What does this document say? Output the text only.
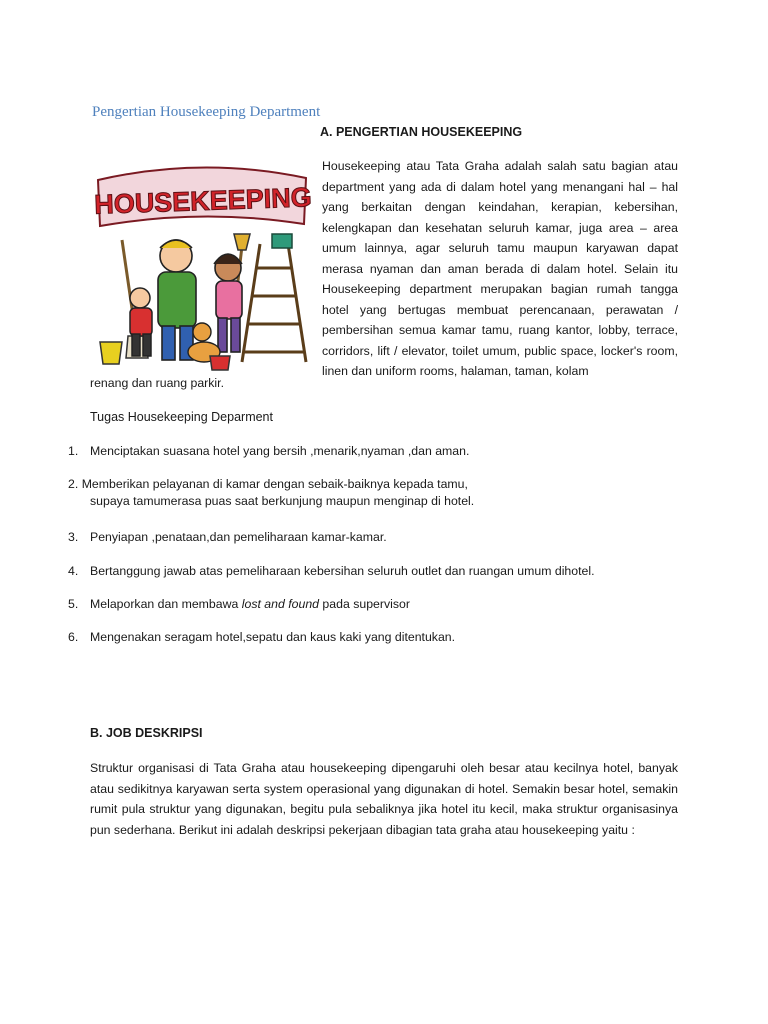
Pengertian Housekeeping Department
A. PENGERTIAN HOUSEKEEPING
HOUSEKEEPING
Housekeeping atau Tata Graha adalah salah satu bagian atau department yang ada di dalam hotel yang menangani hal – hal yang berkaitan dengan keindahan, kerapian, kebersihan, kelengkapan dan kesehatan seluruh kamar, juga area – area umum lainnya, agar seluruh tamu maupun karyawan dapat merasa nyaman dan aman berada di dalam hotel. Selain itu Housekeeping department merupakan bagian rumah tangga hotel yang bertugas membuat perencanaan, perawatan / pembersihan semua kamar tamu, ruang kantor, lobby, terrace, corridors, lift / elevator, toilet umum, public space, locker's room, linen dan uniform rooms, halaman, taman, kolam
renang dan ruang parkir.
Tugas Housekeeping Deparment
1. Menciptakan suasana hotel yang bersih ,menarik,nyaman ,dan aman.
2. Memberikan pelayanan di kamar dengan sebaik-baiknya kepada tamu,
supaya tamumerasa puas saat berkunjung maupun menginap di hotel.
3. Penyiapan ,penataan,dan pemeliharaan kamar-kamar.
4. Bertanggung jawab atas pemeliharaan kebersihan seluruh outlet dan ruangan umum dihotel.
5. Melaporkan dan membawa lost and found pada supervisor
6. Mengenakan seragam hotel,sepatu dan kaus kaki yang ditentukan.
B. JOB DESKRIPSI
Struktur organisasi di Tata Graha atau housekeeping dipengaruhi oleh besar atau kecilnya hotel, banyak atau sedikitnya karyawan serta system operasional yang digunakan di hotel. Semakin besar hotel, semakin rumit pula struktur yang digunakan, begitu pula sebaliknya jika hotel itu kecil, maka struktur organisasinya pun sederhana. Berikut ini adalah deskripsi pekerjaan dibagian tata graha atau housekeeping yaitu :
